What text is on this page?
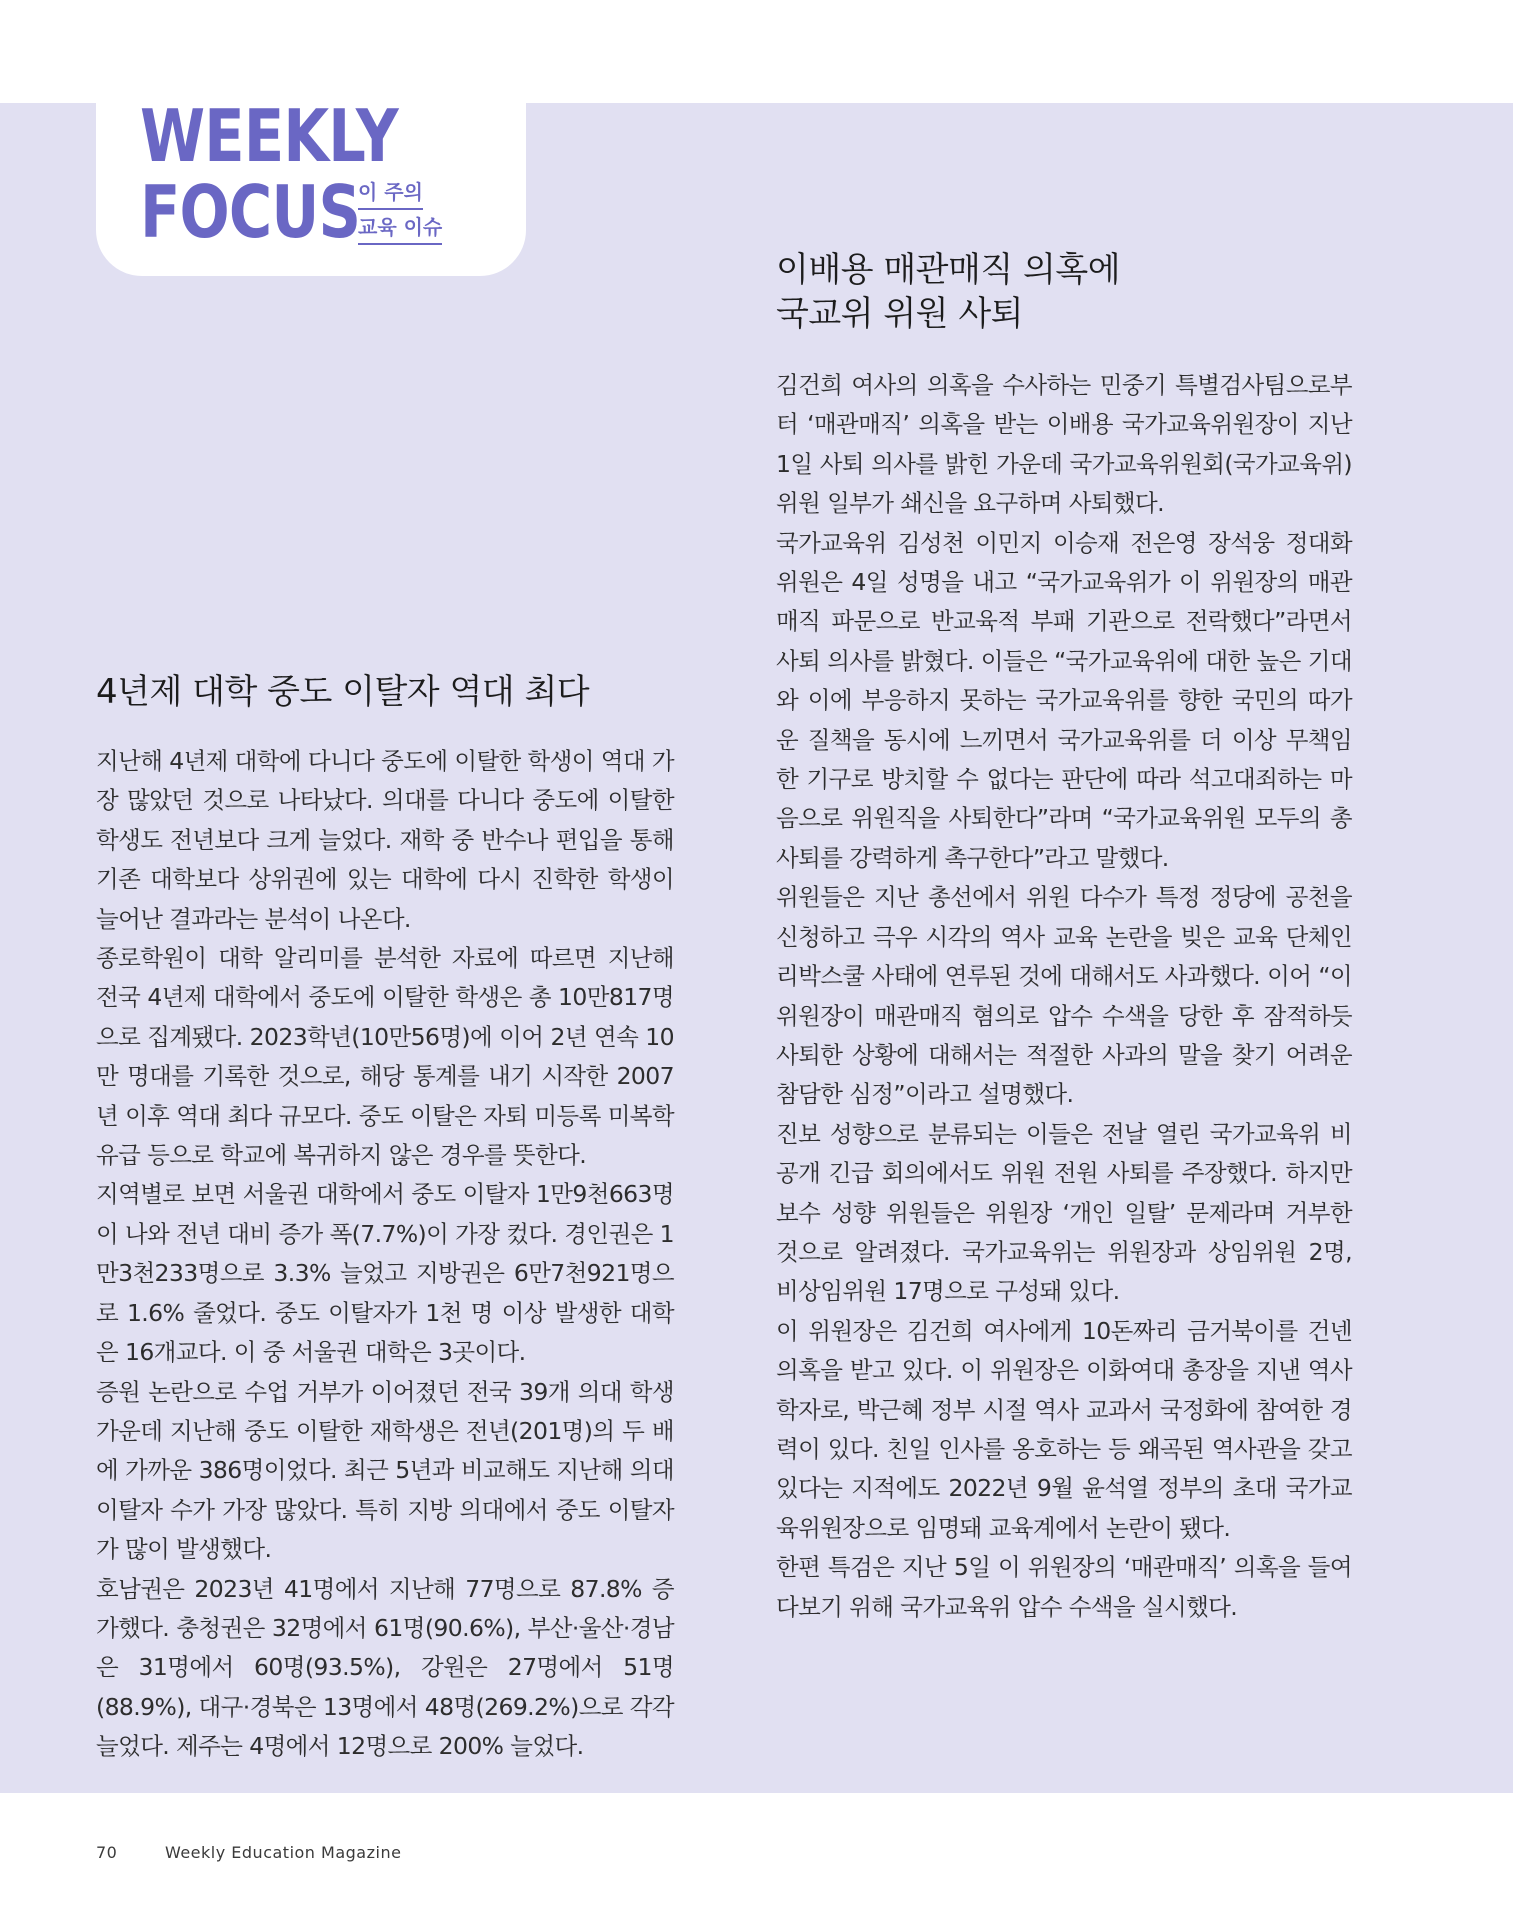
WEEKLY
FOCUS
이 주의
교육 이슈
4년제 대학 중도 이탈자 역대 최다

지난해 4년제 대학에 다니다 중도에 이탈한 학생이 역대 가장 많았던 것으로 나타났다. 의대를 다니다 중도에 이탈한 학생도 전년보다 크게 늘었다. 재학 중 반수나 편입을 통해 기존 대학보다 상위권에 있는 대학에 다시 진학한 학생이 늘어난 결과라는 분석이 나온다.

종로학원이 대학 알리미를 분석한 자료에 따르면 지난해 전국 4년제 대학에서 중도에 이탈한 학생은 총 10만817명으로 집계됐다. 2023학년(10만56명)에 이어 2년 연속 10만 명대를 기록한 것으로, 해당 통계를 내기 시작한 2007년 이후 역대 최다 규모다. 중도 이탈은 자퇴 미등록 미복학 유급 등으로 학교에 복귀하지 않은 경우를 뜻한다.

지역별로 보면 서울권 대학에서 중도 이탈자 1만9천663명이 나와 전년 대비 증가 폭(7.7%)이 가장 컸다. 경인권은 1만3천233명으로 3.3% 늘었고 지방권은 6만7천921명으로 1.6% 줄었다. 중도 이탈자가 1천 명 이상 발생한 대학은 16개교다. 이 중 서울권 대학은 3곳이다.

증원 논란으로 수업 거부가 이어졌던 전국 39개 의대 학생 가운데 지난해 중도 이탈한 재학생은 전년(201명)의 두 배에 가까운 386명이었다. 최근 5년과 비교해도 지난해 의대 이탈자 수가 가장 많았다. 특히 지방 의대에서 중도 이탈자가 많이 발생했다.

호남권은 2023년 41명에서 지난해 77명으로 87.8% 증가했다. 충청권은 32명에서 61명(90.6%), 부산·울산·경남은 31명에서 60명(93.5%), 강원은 27명에서 51명(88.9%), 대구·경북은 13명에서 48명(269.2%)으로 각각 늘었다. 제주는 4명에서 12명으로 200% 늘었다.

이배용 매관매직 의혹에
국교위 위원 사퇴

김건희 여사의 의혹을 수사하는 민중기 특별검사팀으로부터 ‘매관매직’ 의혹을 받는 이배용 국가교육위원장이 지난 1일 사퇴 의사를 밝힌 가운데 국가교육위원회(국가교육위) 위원 일부가 쇄신을 요구하며 사퇴했다.

국가교육위 김성천 이민지 이승재 전은영 장석웅 정대화 위원은 4일 성명을 내고 “국가교육위가 이 위원장의 매관매직 파문으로 반교육적 부패 기관으로 전락했다”라면서 사퇴 의사를 밝혔다. 이들은 “국가교육위에 대한 높은 기대와 이에 부응하지 못하는 국가교육위를 향한 국민의 따가운 질책을 동시에 느끼면서 국가교육위를 더 이상 무책임한 기구로 방치할 수 없다는 판단에 따라 석고대죄하는 마음으로 위원직을 사퇴한다”라며 “국가교육위원 모두의 총사퇴를 강력하게 촉구한다”라고 말했다.

위원들은 지난 총선에서 위원 다수가 특정 정당에 공천을 신청하고 극우 시각의 역사 교육 논란을 빚은 교육 단체인 리박스쿨 사태에 연루된 것에 대해서도 사과했다. 이어 “이 위원장이 매관매직 혐의로 압수 수색을 당한 후 잠적하듯 사퇴한 상황에 대해서는 적절한 사과의 말을 찾기 어려운 참담한 심정”이라고 설명했다.

진보 성향으로 분류되는 이들은 전날 열린 국가교육위 비공개 긴급 회의에서도 위원 전원 사퇴를 주장했다. 하지만 보수 성향 위원들은 위원장 ‘개인 일탈’ 문제라며 거부한 것으로 알려졌다. 국가교육위는 위원장과 상임위원 2명, 비상임위원 17명으로 구성돼 있다.

이 위원장은 김건희 여사에게 10돈짜리 금거북이를 건넨 의혹을 받고 있다. 이 위원장은 이화여대 총장을 지낸 역사학자로, 박근혜 정부 시절 역사 교과서 국정화에 참여한 경력이 있다. 친일 인사를 옹호하는 등 왜곡된 역사관을 갖고 있다는 지적에도 2022년 9월 윤석열 정부의 초대 국가교육위원장으로 임명돼 교육계에서 논란이 됐다.

한편 특검은 지난 5일 이 위원장의 ‘매관매직’ 의혹을 들여다보기 위해 국가교육위 압수 수색을 실시했다.

70	Weekly Education Magazine
